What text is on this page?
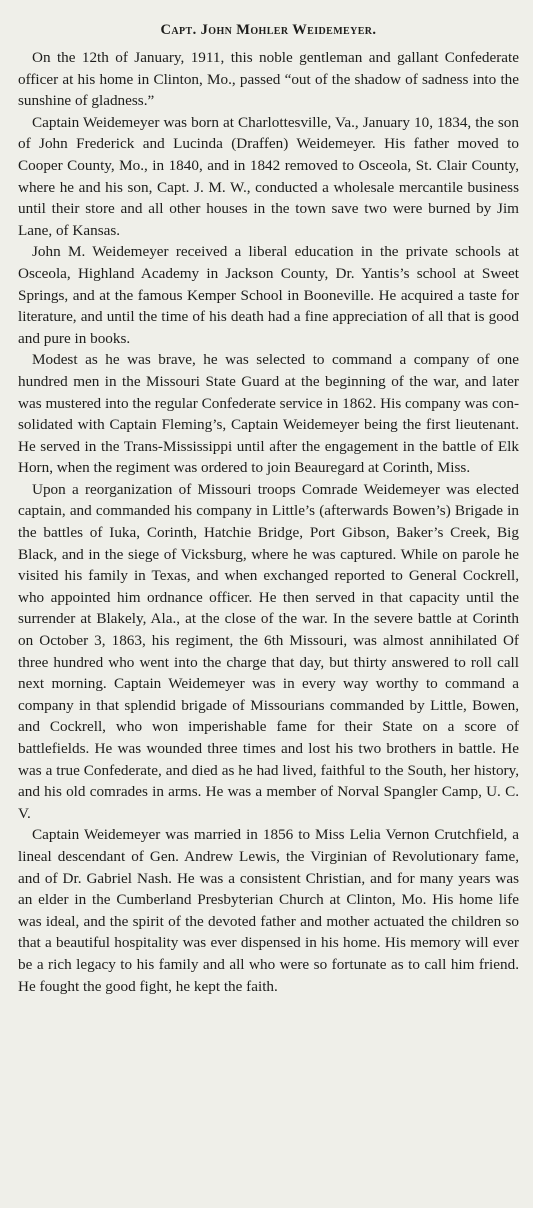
Capt. John Mohler Weidemeyer.

On the 12th of January, 1911, this noble gentleman and gallant Confederate officer at his home in Clinton, Mo., passed “out of the shadow of sadness into the sunshine of gladness.”

Captain Weidemeyer was born at Charlottesville, Va., January 10, 1834, the son of John Frederick and Lucinda (Draffen) Weidemeyer. His father moved to Cooper County, Mo., in 1840, and in 1842 removed to Osceola, St. Clair County, where he and his son, Capt. J. M. W., conducted a wholesale mercantile business until their store and all other houses in the town save two were burned by Jim Lane, of Kansas.

John M. Weidemeyer received a liberal education in the private schools at Osceola, Highland Academy in Jackson County, Dr. Yantis’s school at Sweet Springs, and at the famous Kemper School in Booneville. He acquired a taste for literature, and until the time of his death had a fine appreciation of all that is good and pure in books.

Modest as he was brave, he was selected to command a company of one hundred men in the Missouri State Guard at the beginning of the war, and later was mustered into the regular Confederate service in 1862. His company was consolidated with Captain Fleming’s, Captain Weidemeyer being the first lieutenant. He served in the Trans-Mississippi until after the engagement in the battle of Elk Horn, when the regiment was ordered to join Beauregard at Corinth, Miss.

Upon a reorganization of Missouri troops Comrade Weidemeyer was elected captain, and commanded his company in Little’s (afterwards Bowen’s) Brigade in the battles of Iuka, Corinth, Hatchie Bridge, Port Gibson, Baker’s Creek, Big Black, and in the siege of Vicksburg, where he was captured. While on parole he visited his family in Texas, and when exchanged reported to General Cockrell, who appointed him ordnance officer. He then served in that capacity until the surrender at Blakely, Ala., at the close of the war. In the severe battle at Corinth on October 3, 1863, his regiment, the 6th Missouri, was almost annihilated Of three hundred who went into the charge that day, but thirty answered to roll call next morning. Captain Weidemeyer was in every way worthy to command a company in that splendid brigade of Missourians commanded by Little, Bowen, and Cockrell, who won imperishable fame for their State on a score of battlefields. He was wounded three times and lost his two brothers in battle. He was a true Confederate, and died as he had lived, faithful to the South, her history, and his old comrades in arms. He was a member of Norval Spangler Camp, U. C. V.

Captain Weidemeyer was married in 1856 to Miss Lelia Vernon Crutchfield, a lineal descendant of Gen. Andrew Lewis, the Virginian of Revolutionary fame, and of Dr. Gabriel Nash. He was a consistent Christian, and for many years was an elder in the Cumberland Presbyterian Church at Clinton, Mo. His home life was ideal, and the spirit of the devoted father and mother actuated the children so that a beautiful hospitality was ever dispensed in his home. His memory will ever be a rich legacy to his family and all who were so fortunate as to call him friend. He fought the good fight, he kept the faith.
